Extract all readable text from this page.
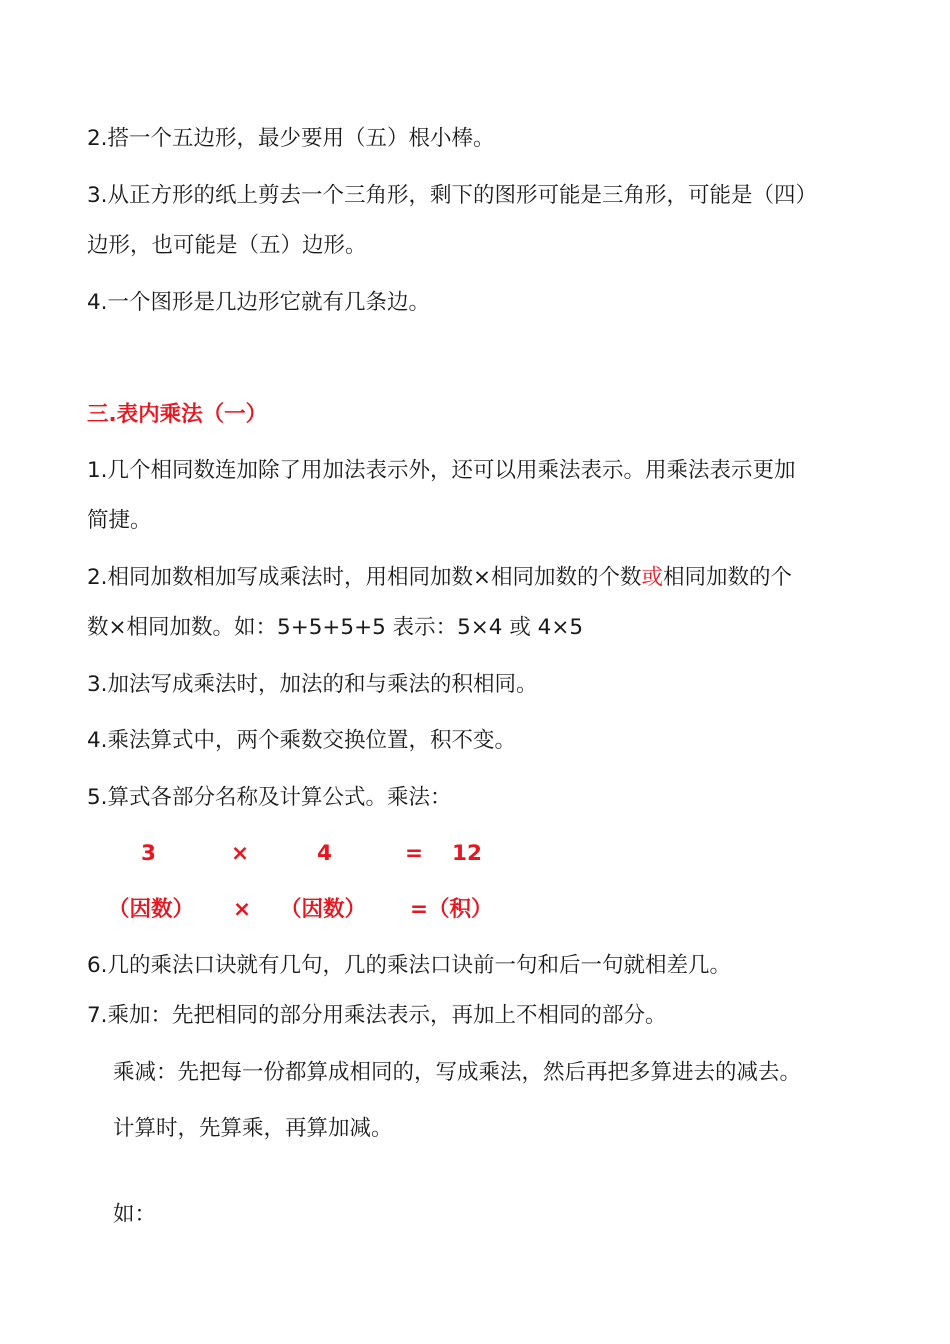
2.搭一个五边形，最少要用（五）根小棒。
3.从正方形的纸上剪去一个三角形，剩下的图形可能是三角形，可能是（四）
边形，也可能是（五）边形。
4.一个图形是几边形它就有几条边。
三.表内乘法（一）
1.几个相同数连加除了用加法表示外，还可以用乘法表示。用乘法表示更加
简捷。
2.相同加数相加写成乘法时，用相同加数×相同加数的个数或相同加数的个
数×相同加数。如：5+5+5+5 表示：5×4 或 4×5
3.加法写成乘法时，加法的和与乘法的积相同。
4.乘法算式中，两个乘数交换位置，积不变。
5.算式各部分名称及计算公式。乘法：
3	×	4	= 12
（因数） × （因数） =（积）
6.几的乘法口诀就有几句，几的乘法口诀前一句和后一句就相差几。
7.乘加：先把相同的部分用乘法表示，再加上不相同的部分。
乘减：先把每一份都算成相同的，写成乘法，然后再把多算进去的减去。
计算时，先算乘，再算加减。
如：
